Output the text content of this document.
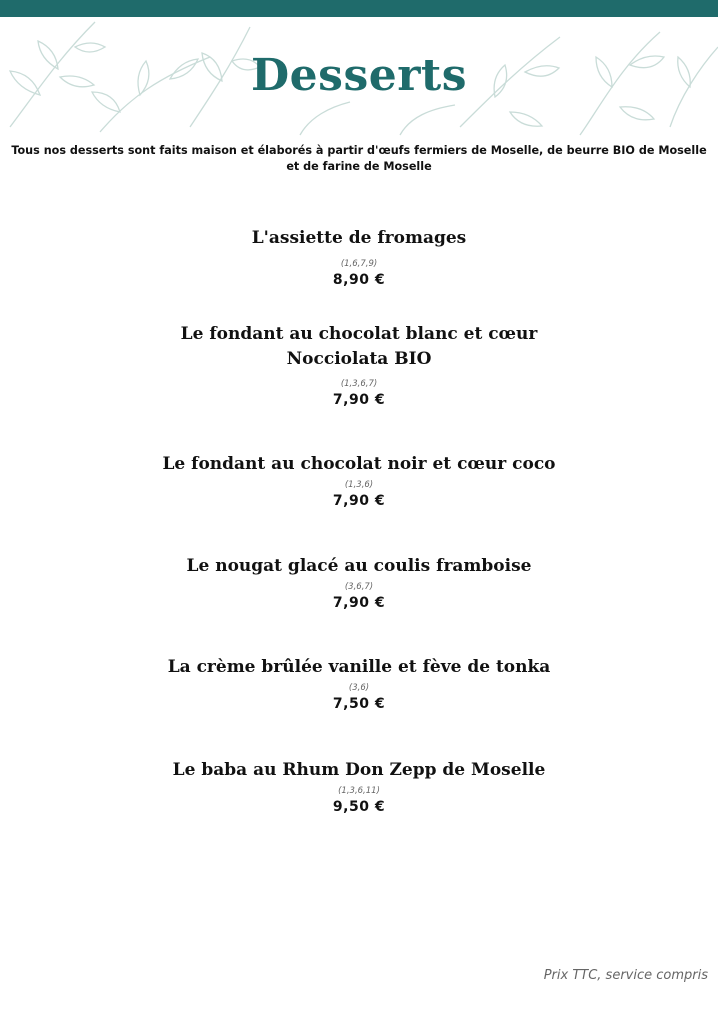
Desserts

Tous nos desserts sont faits maison et élaborés à partir d'œufs fermiers de Moselle, de beurre BIO de Moselle et de farine de Moselle

L'assiette de fromages
(1,6,7,9)
8,90 €
Le fondant au chocolat blanc et cœur
Nocciolata BIO
(1,3,6,7)
7,90 €
Le fondant au chocolat noir et cœur coco
(1,3,6)
7,90 €
Le nougat glacé au coulis framboise
(3,6,7)
7,90 €
La crème brûlée vanille et fève de tonka
(3,6)
7,50 €
Le baba au Rhum Don Zepp de Moselle
(1,3,6,11)
9,50 €
Prix TTC, service compris
